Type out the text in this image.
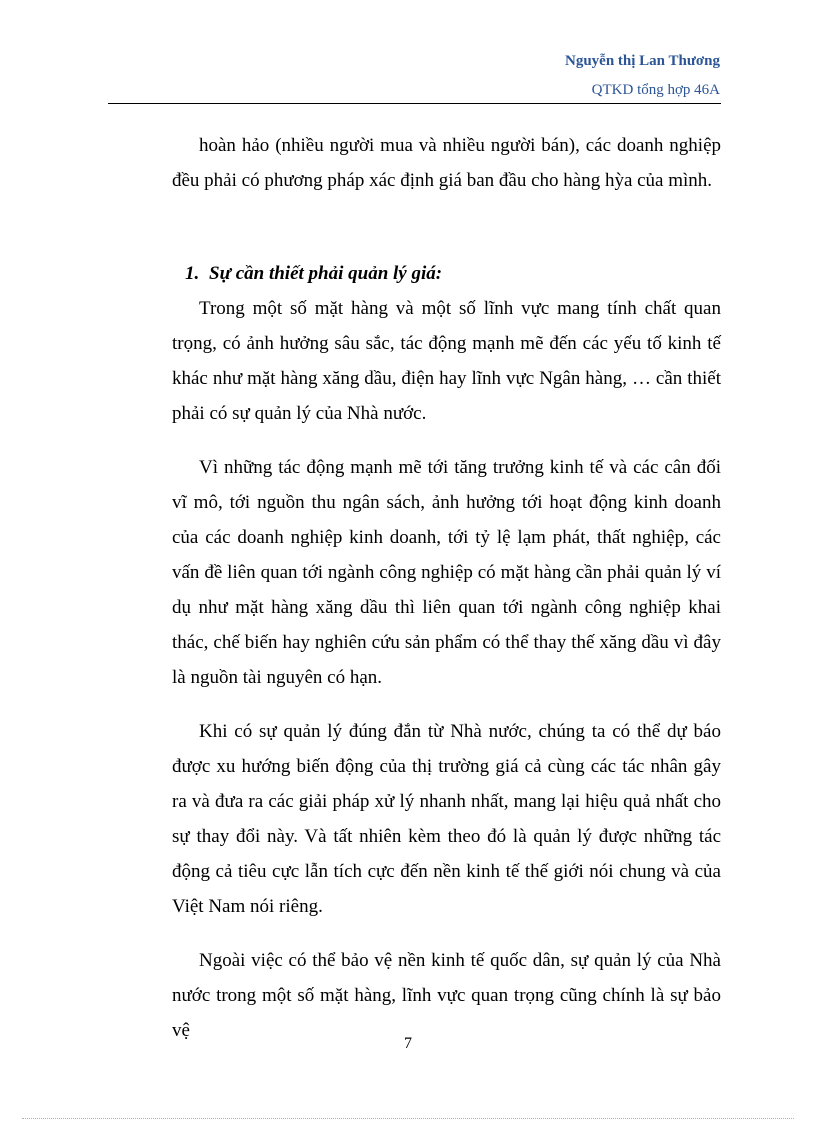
Nguyễn thị Lan Thương
QTKD tổng hợp 46A

hoàn hảo (nhiều người mua và nhiều người bán), các doanh nghiệp đều phải có phương pháp xác định giá ban đầu cho hàng hỳa của mình.

1. Sự cần thiết phải quản lý giá:

Trong một số mặt hàng và một số lĩnh vực mang tính chất quan trọng, có ảnh hưởng sâu sắc, tác động mạnh mẽ đến các yếu tố kinh tế khác như mặt hàng xăng dầu, điện hay lĩnh vực Ngân hàng, … cần thiết phải có sự quản lý của Nhà nước.

Vì những tác động mạnh mẽ tới tăng trưởng kinh tế và các cân đối vĩ mô, tới nguồn thu ngân sách, ảnh hưởng tới hoạt động kinh doanh của các doanh nghiệp kinh doanh, tới tỷ lệ lạm phát, thất nghiệp, các vấn đề liên quan tới ngành công nghiệp có mặt hàng cần phải quản lý ví dụ như mặt hàng xăng dầu thì liên quan tới ngành công nghiệp khai thác, chế biến hay nghiên cứu sản phẩm có thể thay thế xăng dầu vì đây là nguồn tài nguyên có hạn.

Khi có sự quản lý đúng đắn từ Nhà nước, chúng ta có thể dự báo được xu hướng biến động của thị trường giá cả cùng các tác nhân gây ra và đưa ra các giải pháp xử lý nhanh nhất, mang lại hiệu quả nhất cho sự thay đổi này. Và tất nhiên kèm theo đó là quản lý được những tác động cả tiêu cực lẫn tích cực đến nền kinh tế thế giới nói chung và của Việt Nam nói riêng.

Ngoài việc có thể bảo vệ nền kinh tế quốc dân, sự quản lý của Nhà nước trong một số mặt hàng, lĩnh vực quan trọng cũng chính là sự bảo vệ

7
